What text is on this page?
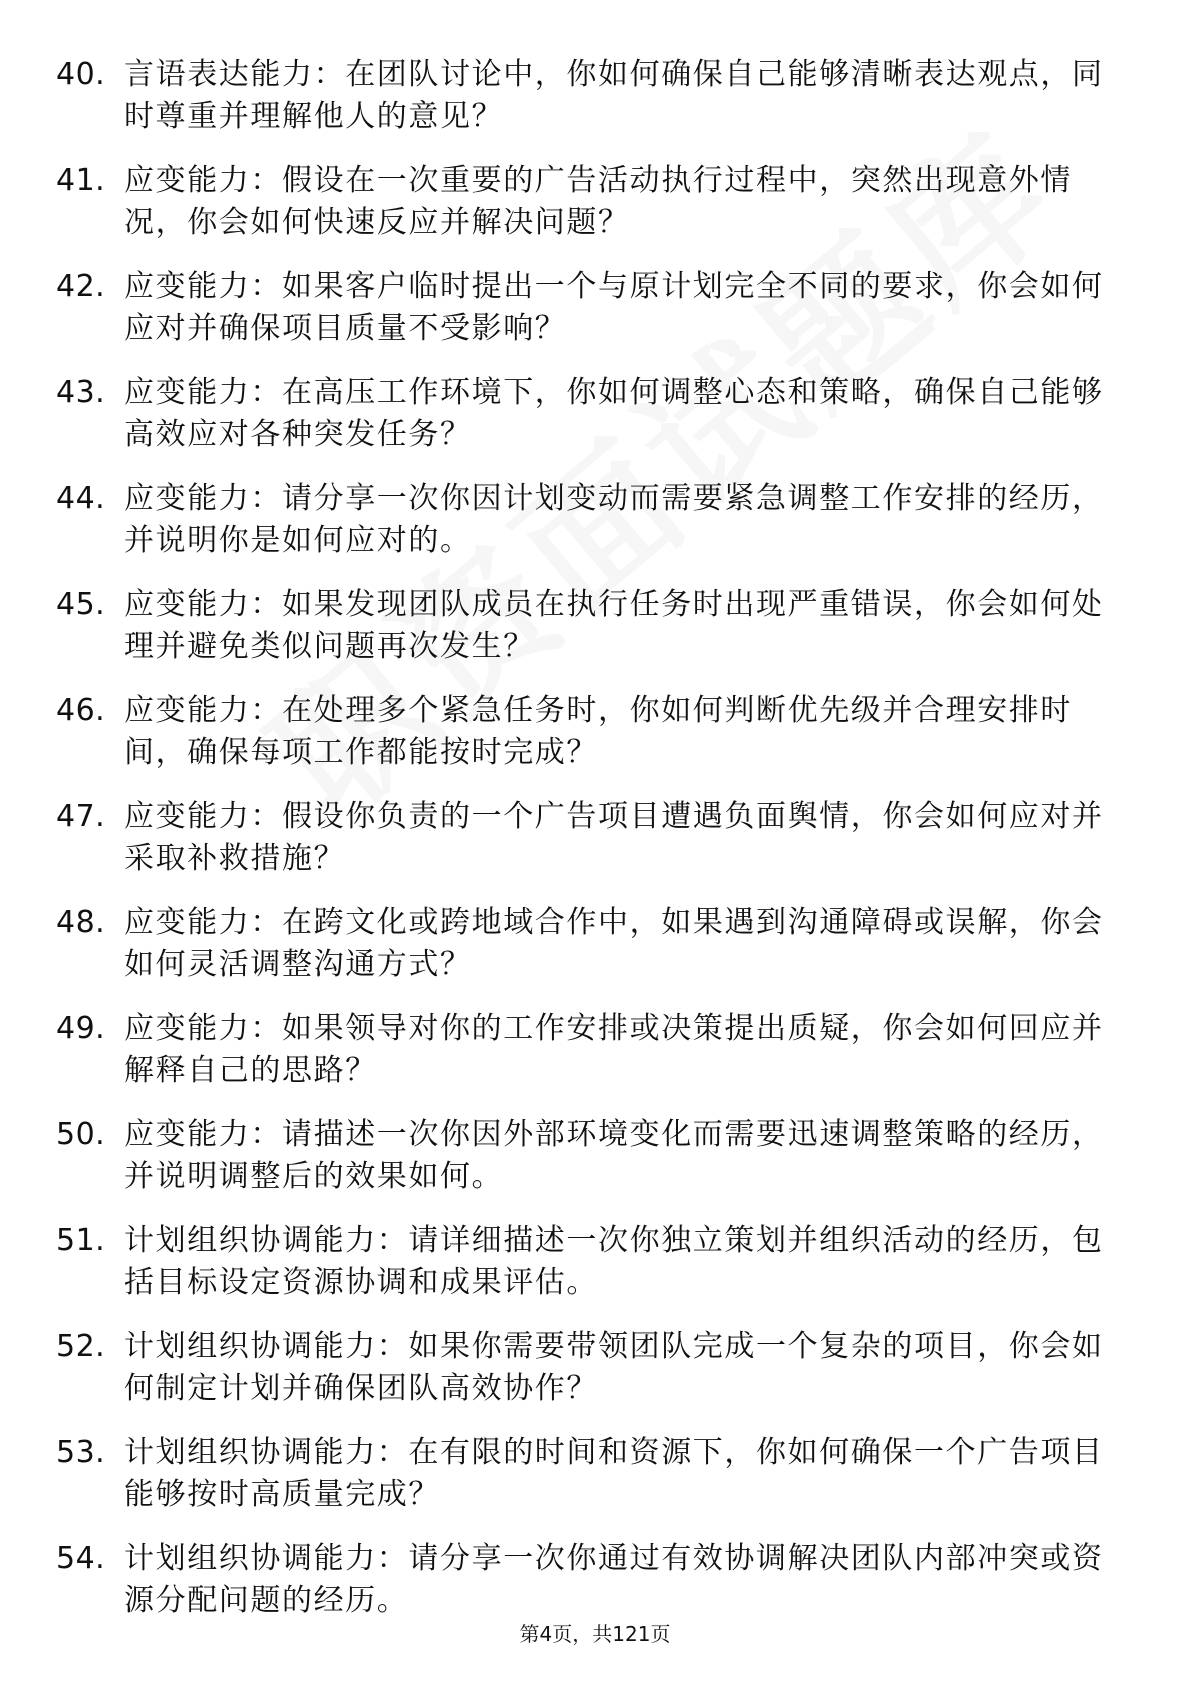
40. 言语表达能力：在团队讨论中，你如何确保自己能够清晰表达观点，同时尊重并理解他人的意见？
41. 应变能力：假设在一次重要的广告活动执行过程中，突然出现意外情况，你会如何快速反应并解决问题？
42. 应变能力：如果客户临时提出一个与原计划完全不同的要求，你会如何应对并确保项目质量不受影响？
43. 应变能力：在高压工作环境下，你如何调整心态和策略，确保自己能够高效应对各种突发任务？
44. 应变能力：请分享一次你因计划变动而需要紧急调整工作安排的经历，并说明你是如何应对的。
45. 应变能力：如果发现团队成员在执行任务时出现严重错误，你会如何处理并避免类似问题再次发生？
46. 应变能力：在处理多个紧急任务时，你如何判断优先级并合理安排时间，确保每项工作都能按时完成？
47. 应变能力：假设你负责的一个广告项目遭遇负面舆情，你会如何应对并采取补救措施？
48. 应变能力：在跨文化或跨地域合作中，如果遇到沟通障碍或误解，你会如何灵活调整沟通方式？
49. 应变能力：如果领导对你的工作安排或决策提出质疑，你会如何回应并解释自己的思路？
50. 应变能力：请描述一次你因外部环境变化而需要迅速调整策略的经历，并说明调整后的效果如何。
51. 计划组织协调能力：请详细描述一次你独立策划并组织活动的经历，包括目标设定资源协调和成果评估。
52. 计划组织协调能力：如果你需要带领团队完成一个复杂的项目，你会如何制定计划并确保团队高效协作？
53. 计划组织协调能力：在有限的时间和资源下，你如何确保一个广告项目能够按时高质量完成？
54. 计划组织协调能力：请分享一次你通过有效协调解决团队内部冲突或资源分配问题的经历。
第4页，共121页
